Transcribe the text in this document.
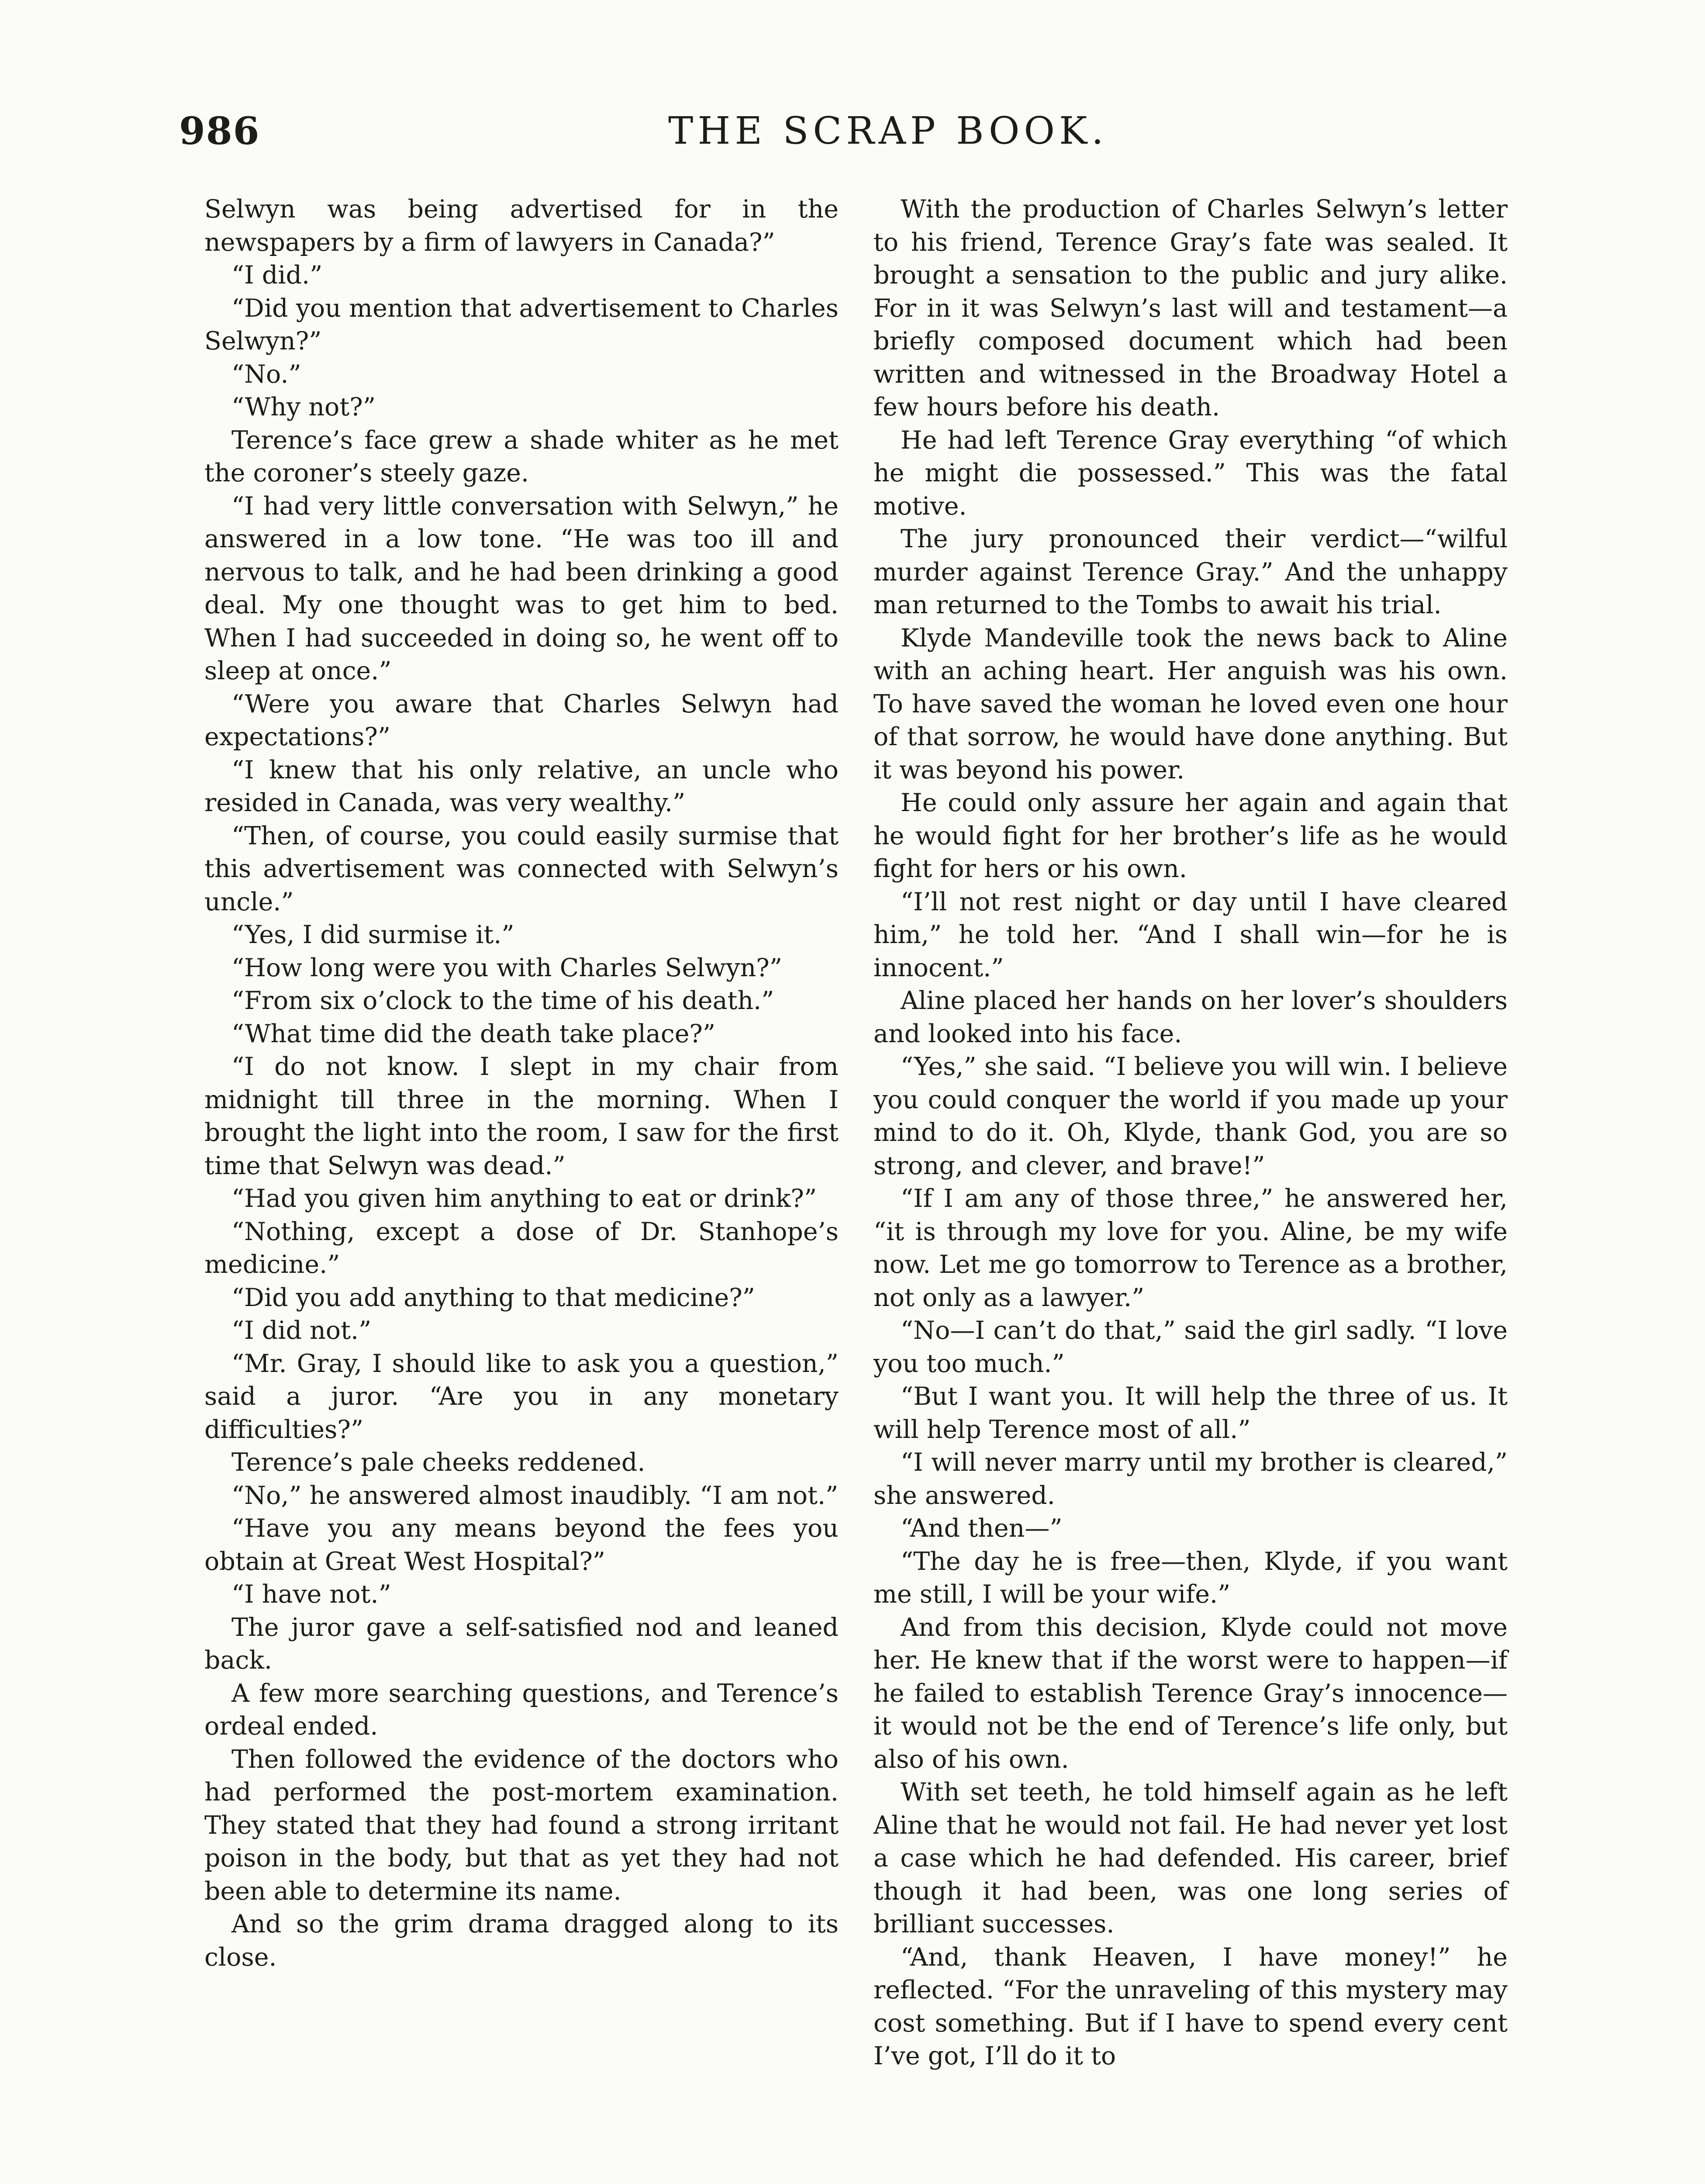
986	THE SCRAP BOOK.

Selwyn was being advertised for in the newspapers by a firm of lawyers in Canada?”

“I did.”

“Did you mention that advertisement to Charles Selwyn?”

“No.”

“Why not?”

Terence’s face grew a shade whiter as he met the coroner’s steely gaze.

“I had very little conversation with Selwyn,” he answered in a low tone. “He was too ill and nervous to talk, and he had been drinking a good deal. My one thought was to get him to bed. When I had succeeded in doing so, he went off to sleep at once.”

“Were you aware that Charles Selwyn had expectations?”

“I knew that his only relative, an uncle who resided in Canada, was very wealthy.”

“Then, of course, you could easily surmise that this advertisement was connected with Selwyn’s uncle.”

“Yes, I did surmise it.”

“How long were you with Charles Selwyn?”

“From six o’clock to the time of his death.”

“What time did the death take place?”

“I do not know. I slept in my chair from midnight till three in the morning. When I brought the light into the room, I saw for the first time that Selwyn was dead.”

“Had you given him anything to eat or drink?”

“Nothing, except a dose of Dr. Stanhope’s medicine.”

“Did you add anything to that medicine?”

“I did not.”

“Mr. Gray, I should like to ask you a question,” said a juror. “Are you in any monetary difficulties?”

Terence’s pale cheeks reddened.

“No,” he answered almost inaudibly. “I am not.”

“Have you any means beyond the fees you obtain at Great West Hospital?”

“I have not.”

The juror gave a self-satisfied nod and leaned back.

A few more searching questions, and Terence’s ordeal ended.

Then followed the evidence of the doctors who had performed the post-mortem examination. They stated that they had found a strong irritant poison in the body, but that as yet they had not been able to determine its name.

And so the grim drama dragged along to its close.

With the production of Charles Selwyn’s letter to his friend, Terence Gray’s fate was sealed. It brought a sensation to the public and jury alike. For in it was Selwyn’s last will and testament—a briefly composed document which had been written and witnessed in the Broadway Hotel a few hours before his death.

He had left Terence Gray everything “of which he might die possessed.” This was the fatal motive.

The jury pronounced their verdict—“wilful murder against Terence Gray.” And the unhappy man returned to the Tombs to await his trial.

Klyde Mandeville took the news back to Aline with an aching heart. Her anguish was his own. To have saved the woman he loved even one hour of that sorrow, he would have done anything. But it was beyond his power.

He could only assure her again and again that he would fight for her brother’s life as he would fight for hers or his own.

“I’ll not rest night or day until I have cleared him,” he told her. “And I shall win—for he is innocent.”

Aline placed her hands on her lover’s shoulders and looked into his face.

“Yes,” she said. “I believe you will win. I believe you could conquer the world if you made up your mind to do it. Oh, Klyde, thank God, you are so strong, and clever, and brave!”

“If I am any of those three,” he answered her, “it is through my love for you. Aline, be my wife now. Let me go tomorrow to Terence as a brother, not only as a lawyer.”

“No—I can’t do that,” said the girl sadly. “I love you too much.”

“But I want you. It will help the three of us. It will help Terence most of all.”

“I will never marry until my brother is cleared,” she answered.

“And then—”

“The day he is free—then, Klyde, if you want me still, I will be your wife.”

And from this decision, Klyde could not move her. He knew that if the worst were to happen—if he failed to establish Terence Gray’s innocence—it would not be the end of Terence’s life only, but also of his own.

With set teeth, he told himself again as he left Aline that he would not fail. He had never yet lost a case which he had defended. His career, brief though it had been, was one long series of brilliant successes.

“And, thank Heaven, I have money!” he reflected. “For the unraveling of this mystery may cost something. But if I have to spend every cent I’ve got, I’ll do it to
